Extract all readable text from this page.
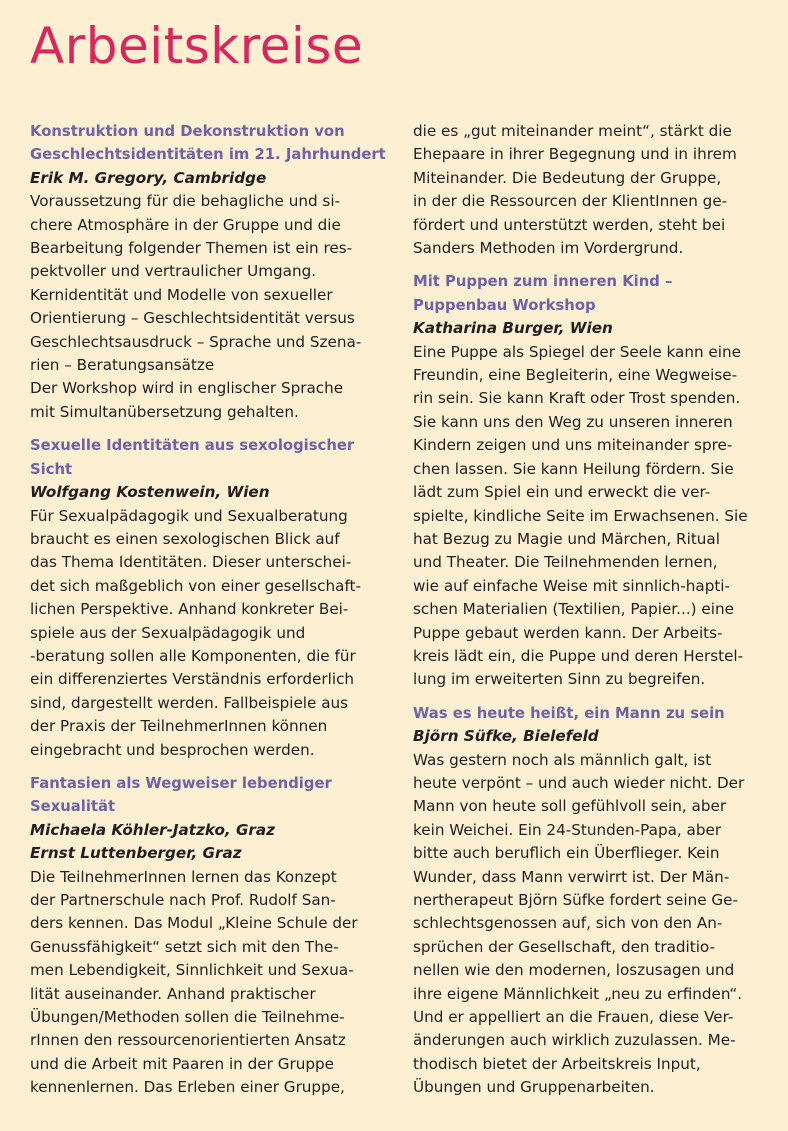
Arbeitskreise
Konstruktion und Dekonstruktion von
Geschlechtsidentitäten im 21. Jahrhundert
Erik M. Gregory, Cambridge
Voraussetzung für die behagliche und si-
chere Atmosphäre in der Gruppe und die
Bearbeitung folgender Themen ist ein res-
pektvoller und vertraulicher Umgang.
Kernidentität und Modelle von sexueller
Orientierung – Geschlechtsidentität versus
Geschlechtsausdruck – Sprache und Szena-
rien – Beratungsansätze
Der Workshop wird in englischer Sprache
mit Simultanübersetzung gehalten.
Sexuelle Identitäten aus sexologischer
Sicht
Wolfgang Kostenwein, Wien
Für Sexualpädagogik und Sexualberatung
braucht es einen sexologischen Blick auf
das Thema Identitäten. Dieser unterschei-
det sich maßgeblich von einer gesellschaft-
lichen Perspektive. Anhand konkreter Bei-
spiele aus der Sexualpädagogik und
-beratung sollen alle Komponenten, die für
ein differenziertes Verständnis erforderlich
sind, dargestellt werden. Fallbeispiele aus
der Praxis der TeilnehmerInnen können
eingebracht und besprochen werden.
Fantasien als Wegweiser lebendiger
Sexualität
Michaela Köhler-Jatzko, Graz
Ernst Luttenberger, Graz
Die TeilnehmerInnen lernen das Konzept
der Partnerschule nach Prof. Rudolf San-
ders kennen. Das Modul „Kleine Schule der
Genussfähigkeit“ setzt sich mit den The-
men Lebendigkeit, Sinnlichkeit und Sexua-
lität auseinander. Anhand praktischer
Übungen/Methoden sollen die Teilnehme-
rInnen den ressourcenorientierten Ansatz
und die Arbeit mit Paaren in der Gruppe
kennenlernen. Das Erleben einer Gruppe,
die es „gut miteinander meint“, stärkt die
Ehepaare in ihrer Begegnung und in ihrem
Miteinander. Die Bedeutung der Gruppe,
in der die Ressourcen der KlientInnen ge-
fördert und unterstützt werden, steht bei
Sanders Methoden im Vordergrund.
Mit Puppen zum inneren Kind –
Puppenbau Workshop
Katharina Burger, Wien
Eine Puppe als Spiegel der Seele kann eine
Freundin, eine Begleiterin, eine Wegweise-
rin sein. Sie kann Kraft oder Trost spenden.
Sie kann uns den Weg zu unseren inneren
Kindern zeigen und uns miteinander spre-
chen lassen. Sie kann Heilung fördern. Sie
lädt zum Spiel ein und erweckt die ver-
spielte, kindliche Seite im Erwachsenen. Sie
hat Bezug zu Magie und Märchen, Ritual
und Theater. Die Teilnehmenden lernen,
wie auf einfache Weise mit sinnlich-hapti-
schen Materialien (Textilien, Papier...) eine
Puppe gebaut werden kann. Der Arbeits-
kreis lädt ein, die Puppe und deren Herstel-
lung im erweiterten Sinn zu begreifen.
Was es heute heißt, ein Mann zu sein
Björn Süfke, Bielefeld
Was gestern noch als männlich galt, ist
heute verpönt – und auch wieder nicht. Der
Mann von heute soll gefühlvoll sein, aber
kein Weichei. Ein 24-Stunden-Papa, aber
bitte auch beruflich ein Überflieger. Kein
Wunder, dass Mann verwirrt ist. Der Män-
nertherapeut Björn Süfke fordert seine Ge-
schlechtsgenossen auf, sich von den An-
sprüchen der Gesellschaft, den traditio-
nellen wie den modernen, loszusagen und
ihre eigene Männlichkeit „neu zu erfinden“.
Und er appelliert an die Frauen, diese Ver-
änderungen auch wirklich zuzulassen. Me-
thodisch bietet der Arbeitskreis Input,
Übungen und Gruppenarbeiten.
